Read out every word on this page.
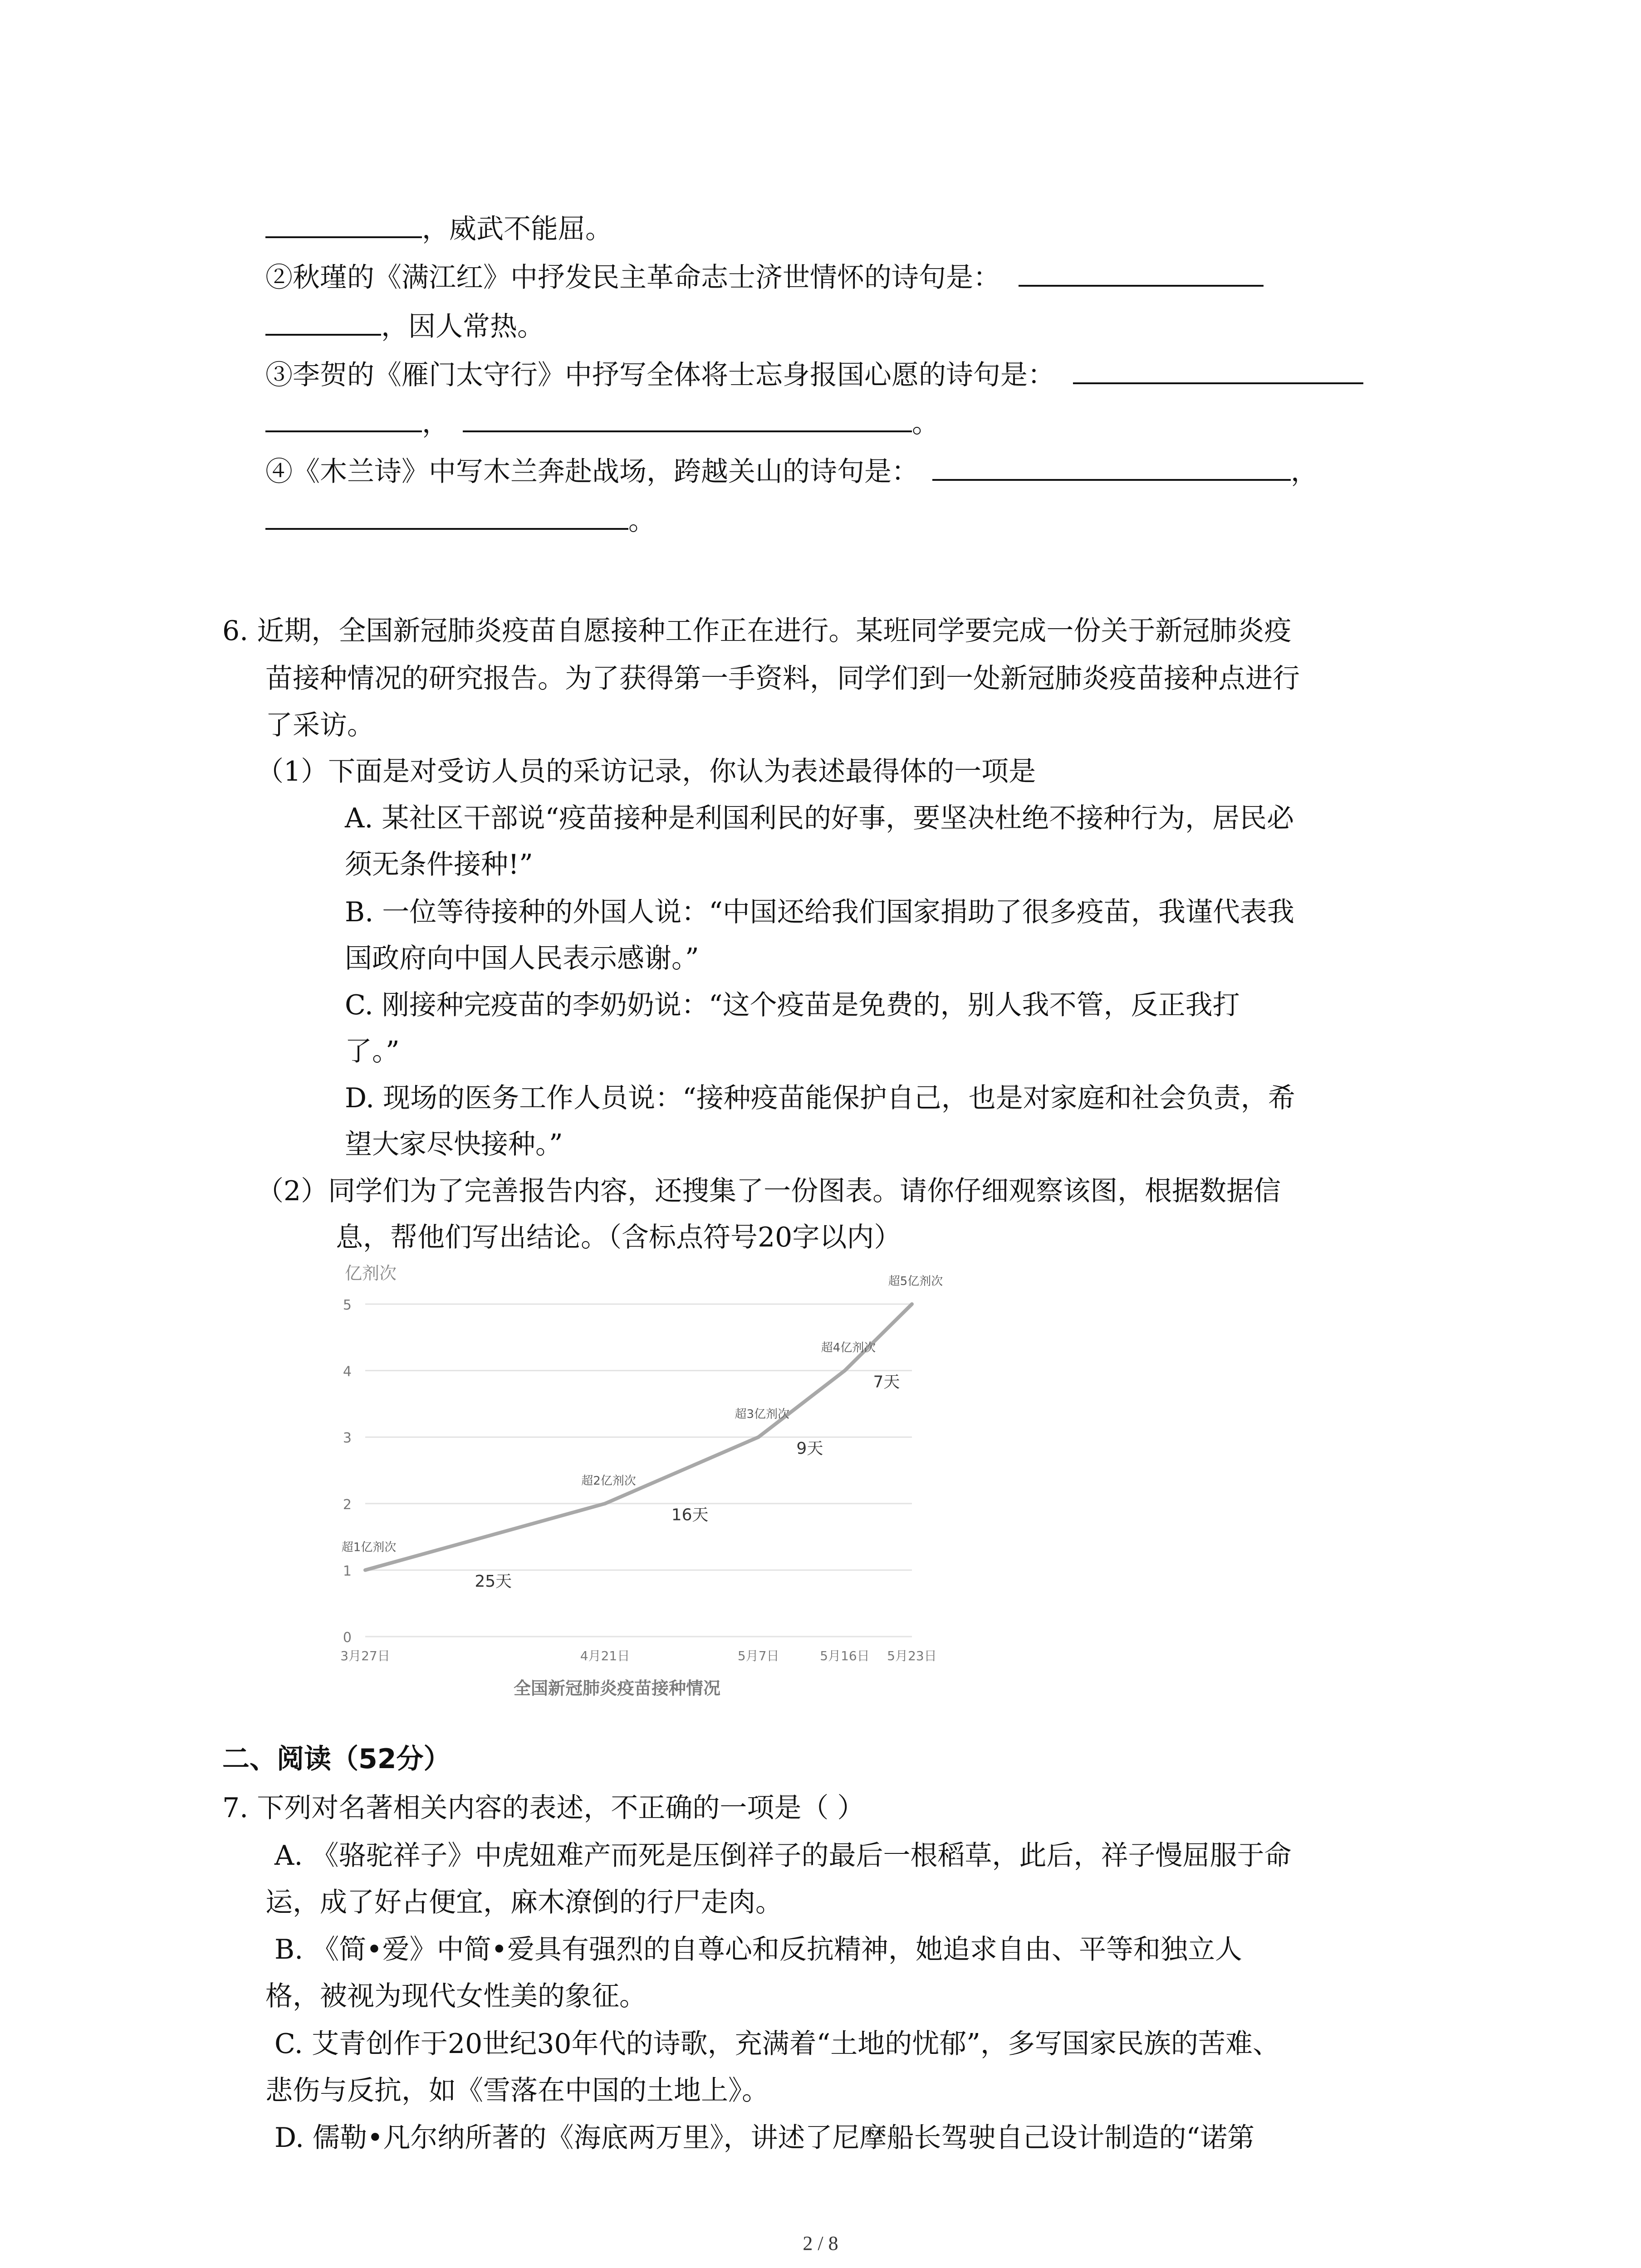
，威武不能屈。
②秋瑾的《满江红》中抒发民主革命志士济世情怀的诗句是：
，因人常热。
③李贺的《雁门太守行》中抒写全体将士忘身报国心愿的诗句是：
，	。
④《木兰诗》中写木兰奔赴战场，跨越关山的诗句是：	，
。
6. 近期，全国新冠肺炎疫苗自愿接种工作正在进行。某班同学要完成一份关于新冠肺炎疫
苗接种情况的研究报告。为了获得第一手资料，同学们到一处新冠肺炎疫苗接种点进行
了采访。
（1）下面是对受访人员的采访记录，你认为表述最得体的一项是
A. 某社区干部说“疫苗接种是利国利民的好事，要坚决杜绝不接种行为，居民必
须无条件接种!”
B. 一位等待接种的外国人说：“中国还给我们国家捐助了很多疫苗，我谨代表我
国政府向中国人民表示感谢。”
C. 刚接种完疫苗的李奶奶说：“这个疫苗是免费的，别人我不管，反正我打
了。”
D. 现场的医务工作人员说：“接种疫苗能保护自己，也是对家庭和社会负责，希
望大家尽快接种。”
（2）同学们为了完善报告内容，还搜集了一份图表。请你仔细观察该图，根据数据信
息，帮他们写出结论。（含标点符号20字以内）
亿剂次
0
1
2
3
4
5
3月27日	4月21日	5月7日	5月16日 5月23日
超1亿剂次
超2亿剂次
超3亿剂次
超4亿剂次
超5亿剂次
25天
16天
9天
7天
全国新冠肺炎疫苗接种情况
二、阅读（52分）
7. 下列对名著相关内容的表述，不正确的一项是（ ）
A. 《骆驼祥子》中虎妞难产而死是压倒祥子的最后一根稻草，此后，祥子慢屈服于命
运，成了好占便宜，麻木潦倒的行尸走肉。
B. 《简•爱》中简•爱具有强烈的自尊心和反抗精神，她追求自由、平等和独立人
格，被视为现代女性美的象征。
C. 艾青创作于20世纪30年代的诗歌，充满着“土地的忧郁”，多写国家民族的苦难、
悲伤与反抗，如《雪落在中国的土地上》。
D. 儒勒•凡尔纳所著的《海底两万里》，讲述了尼摩船长驾驶自己设计制造的“诺第
2 / 8
